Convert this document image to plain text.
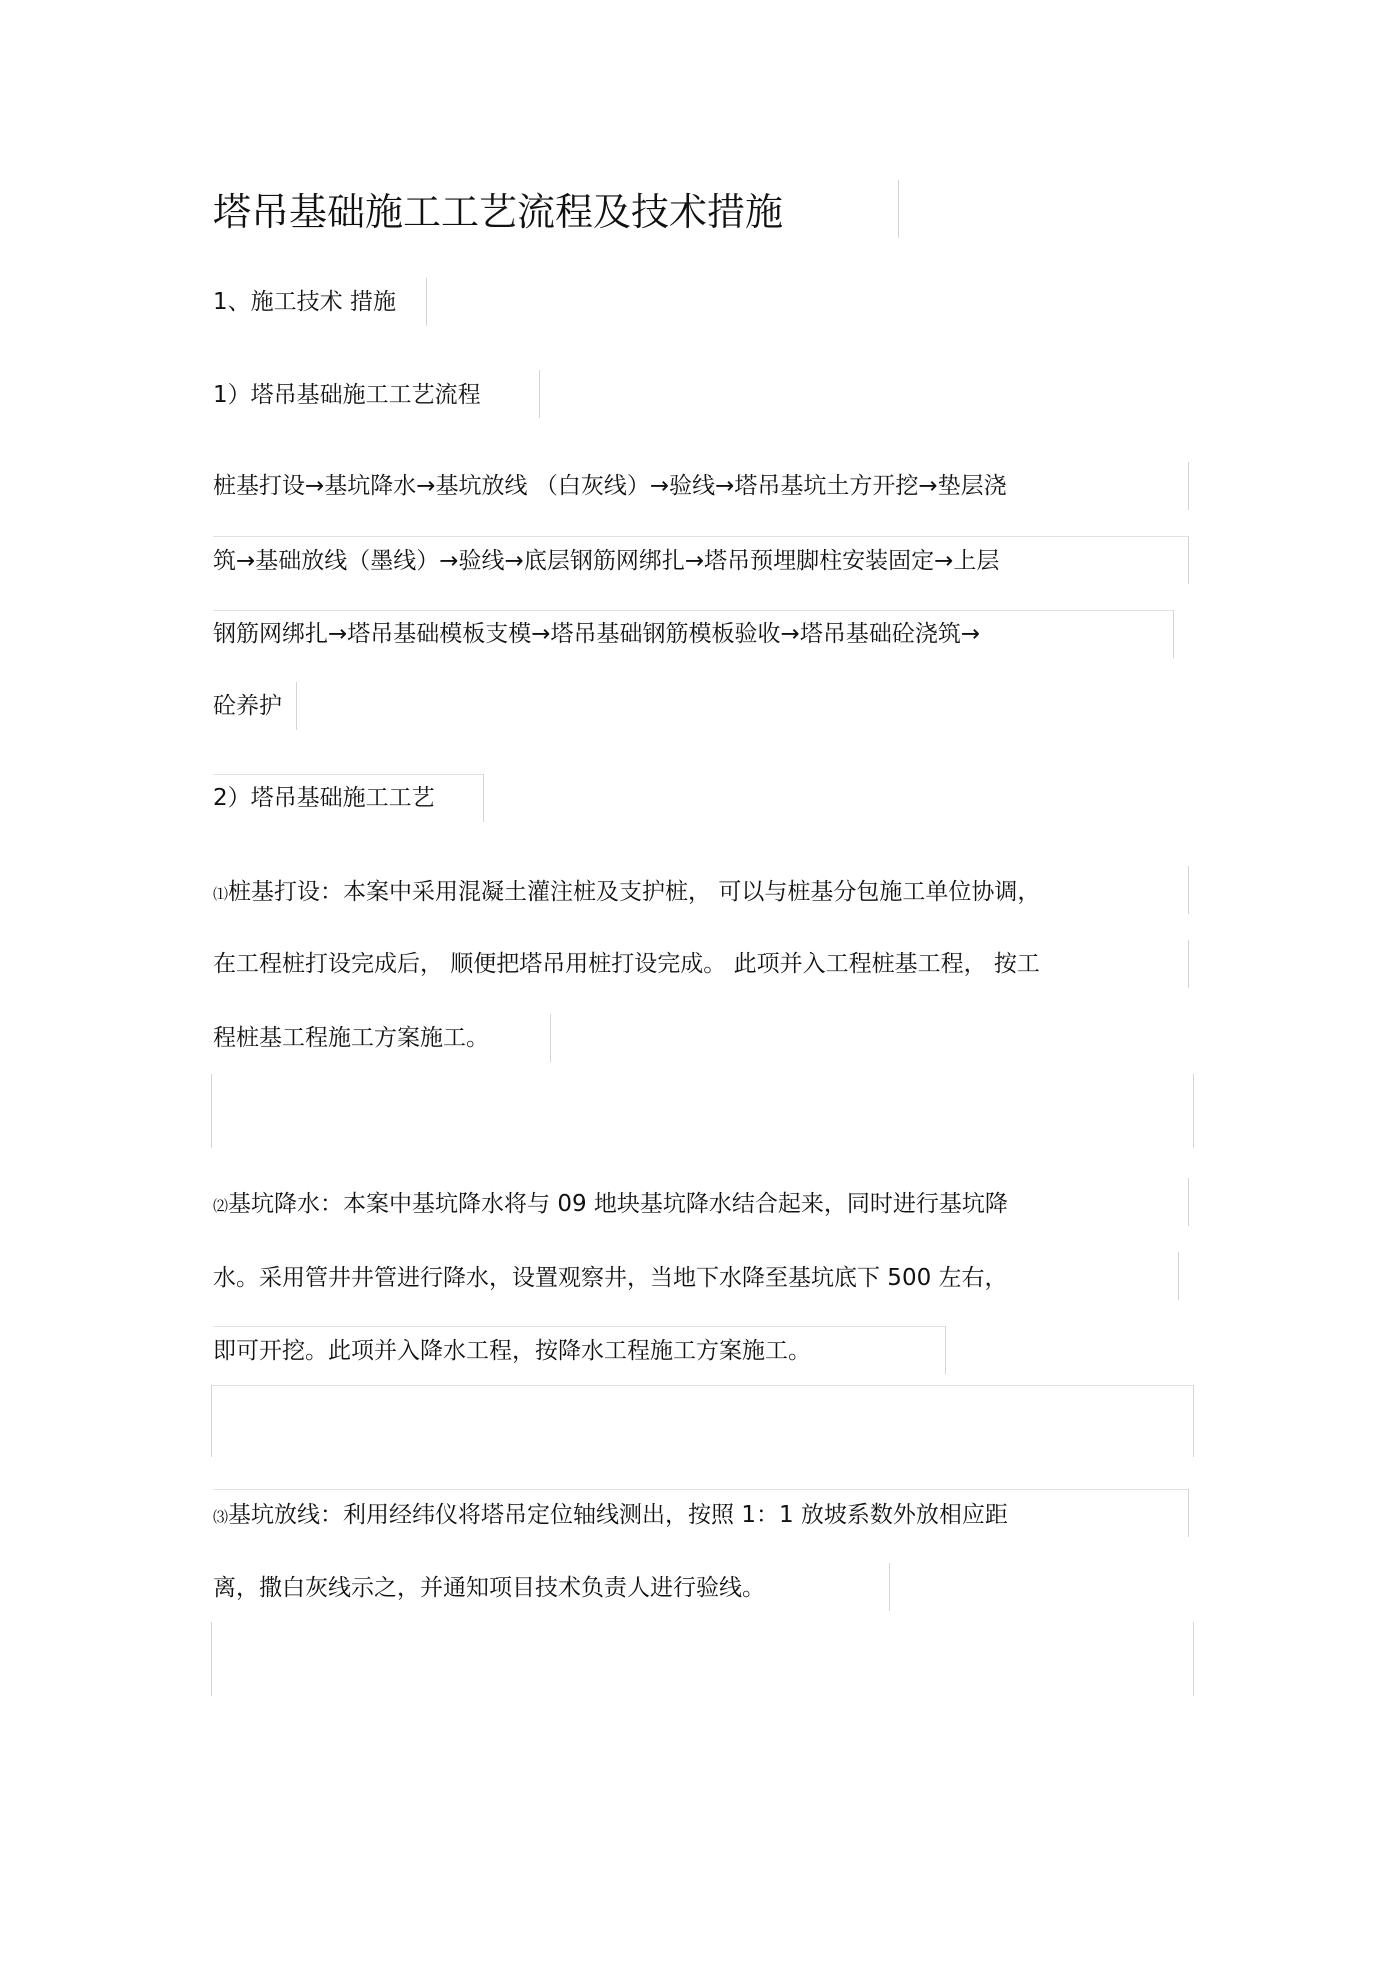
塔吊基础施工工艺流程及技术措施
1、施工技术 措施
1）塔吊基础施工工艺流程
桩基打设→基坑降水→基坑放线 （白灰线）→验线→塔吊基坑土方开挖→垫层浇
筑→基础放线（墨线）→验线→底层钢筋网绑扎→塔吊预埋脚柱安装固定→上层
钢筋网绑扎→塔吊基础模板支模→塔吊基础钢筋模板验收→塔吊基础砼浇筑→
砼养护
2）塔吊基础施工工艺
⑴桩基打设：本案中采用混凝土灌注桩及支护桩， 可以与桩基分包施工单位协调，
在工程桩打设完成后， 顺便把塔吊用桩打设完成。 此项并入工程桩基工程， 按工
程桩基工程施工方案施工。
⑵基坑降水：本案中基坑降水将与 09 地块基坑降水结合起来，同时进行基坑降
水。采用管井井管进行降水，设置观察井，当地下水降至基坑底下 500 左右，
即可开挖。此项并入降水工程，按降水工程施工方案施工。
⑶基坑放线：利用经纬仪将塔吊定位轴线测出，按照 1：1 放坡系数外放相应距
离，撒白灰线示之，并通知项目技术负责人进行验线。
